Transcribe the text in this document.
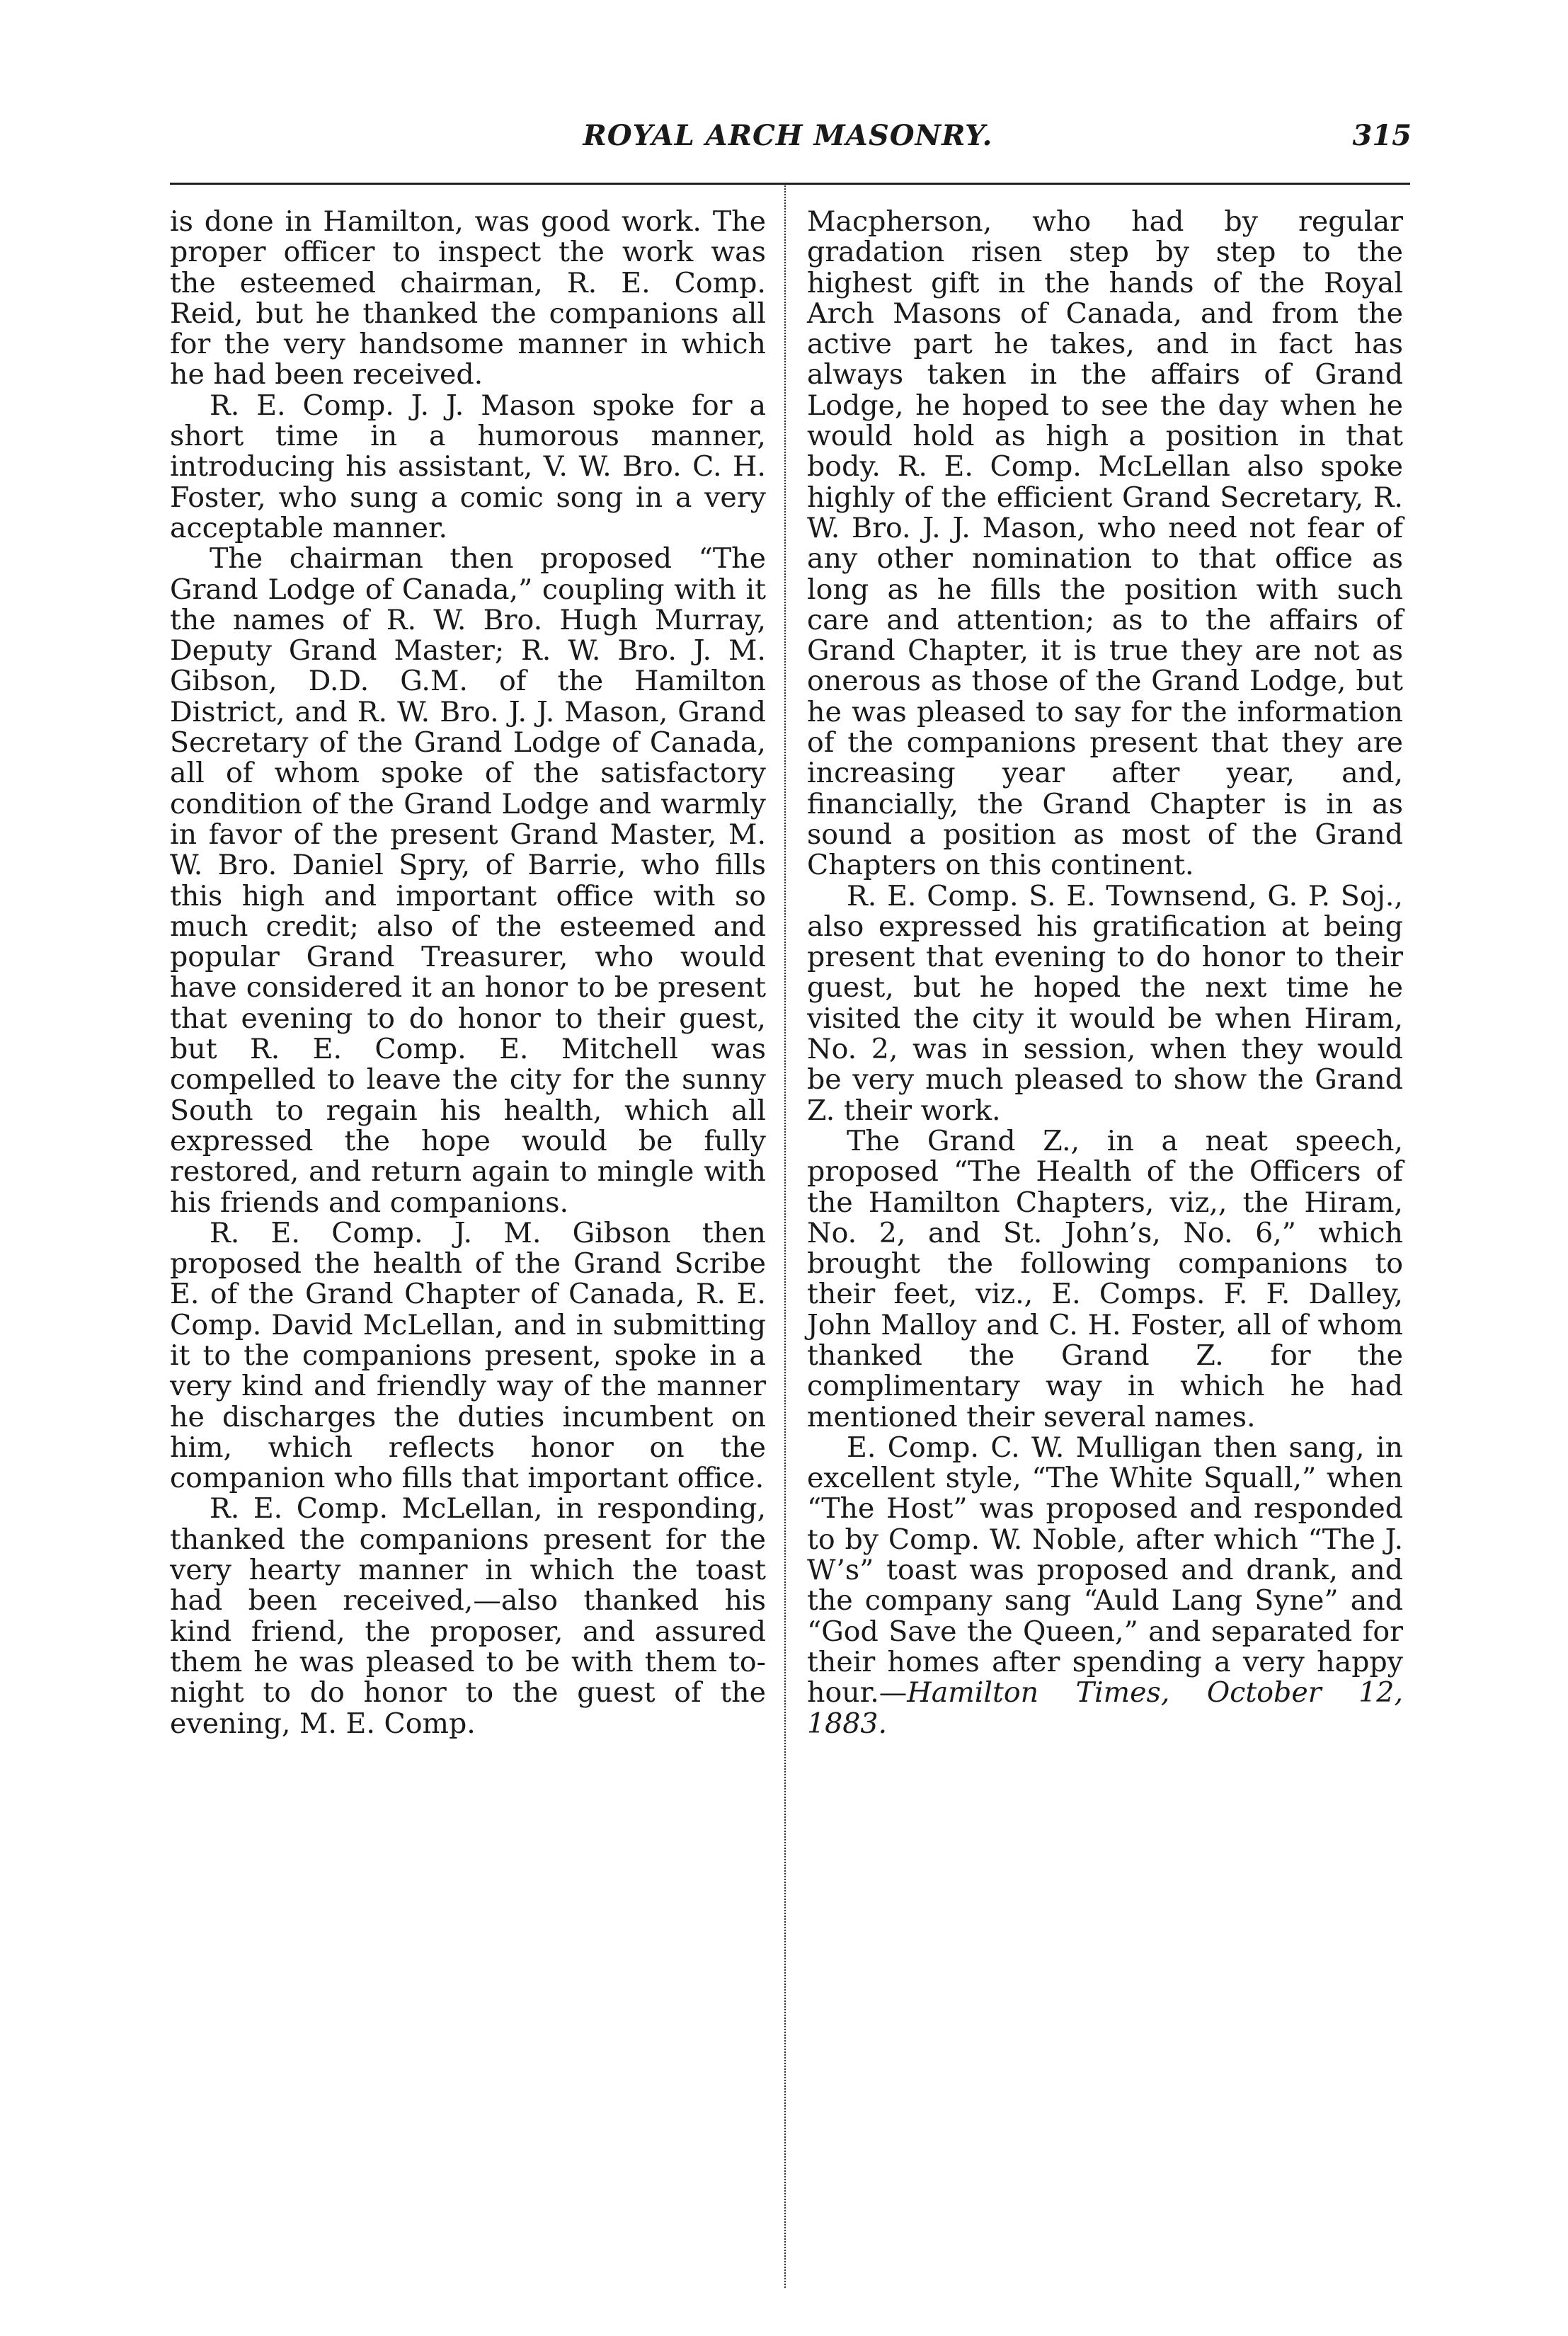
ROYAL ARCH MASONRY.	315

is done in Hamilton, was good work. The proper officer to inspect the work was the esteemed chairman, R. E. Comp. Reid, but he thanked the companions all for the very handsome manner in which he had been received.

R. E. Comp. J. J. Mason spoke for a short time in a humorous manner, introducing his assistant, V. W. Bro. C. H. Foster, who sung a comic song in a very acceptable manner.

The chairman then proposed “The Grand Lodge of Canada,” coupling with it the names of R. W. Bro. Hugh Murray, Deputy Grand Master; R. W. Bro. J. M. Gibson, D.D. G.M. of the Hamilton District, and R. W. Bro. J. J. Mason, Grand Secretary of the Grand Lodge of Canada, all of whom spoke of the satisfactory condition of the Grand Lodge and warmly in favor of the present Grand Master, M. W. Bro. Daniel Spry, of Barrie, who fills this high and important office with so much credit; also of the esteemed and popular Grand Treasurer, who would have considered it an honor to be present that evening to do honor to their guest, but R. E. Comp. E. Mitchell was compelled to leave the city for the sunny South to regain his health, which all expressed the hope would be fully restored, and return again to mingle with his friends and companions.

R. E. Comp. J. M. Gibson then proposed the health of the Grand Scribe E. of the Grand Chapter of Canada, R. E. Comp. David McLellan, and in submitting it to the companions present, spoke in a very kind and friendly way of the manner he discharges the duties incumbent on him, which reflects honor on the companion who fills that important office.

R. E. Comp. McLellan, in responding, thanked the companions present for the very hearty manner in which the toast had been received,—also thanked his kind friend, the proposer, and assured them he was pleased to be with them to-night to do honor to the guest of the evening, M. E. Comp.

Macpherson, who had by regular gradation risen step by step to the highest gift in the hands of the Royal Arch Masons of Canada, and from the active part he takes, and in fact has always taken in the affairs of Grand Lodge, he hoped to see the day when he would hold as high a position in that body. R. E. Comp. McLellan also spoke highly of the efficient Grand Secretary, R. W. Bro. J. J. Mason, who need not fear of any other nomination to that office as long as he fills the position with such care and attention; as to the affairs of Grand Chapter, it is true they are not as onerous as those of the Grand Lodge, but he was pleased to say for the information of the companions present that they are increasing year after year, and, financially, the Grand Chapter is in as sound a position as most of the Grand Chapters on this continent.

R. E. Comp. S. E. Townsend, G. P. Soj., also expressed his gratification at being present that evening to do honor to their guest, but he hoped the next time he visited the city it would be when Hiram, No. 2, was in session, when they would be very much pleased to show the Grand Z. their work.

The Grand Z., in a neat speech, proposed “The Health of the Officers of the Hamilton Chapters, viz,, the Hiram, No. 2, and St. John’s, No. 6,” which brought the following companions to their feet, viz., E. Comps. F. F. Dalley, John Malloy and C. H. Foster, all of whom thanked the Grand Z. for the complimentary way in which he had mentioned their several names.

E. Comp. C. W. Mulligan then sang, in excellent style, “The White Squall,” when “The Host” was proposed and responded to by Comp. W. Noble, after which “The J. W’s” toast was proposed and drank, and the company sang “Auld Lang Syne” and “God Save the Queen,” and separated for their homes after spending a very happy hour.—Hamilton Times, October 12, 1883.
